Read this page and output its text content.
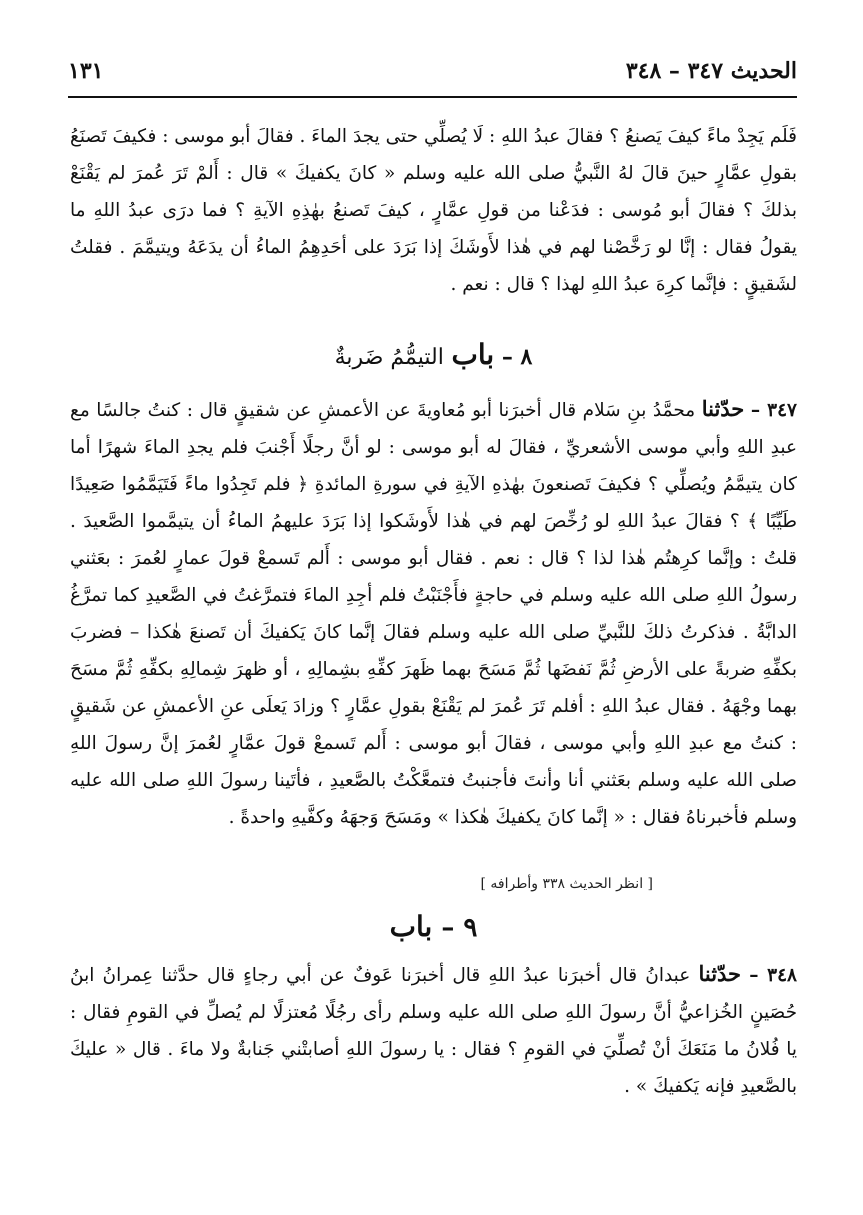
الحديث ٣٤٧ – ٣٤٨
١٣١
فَلَم يَجِدْ ماءً كيفَ يَصنعُ ؟ فقالَ عبدُ اللهِ : لَا يُصلِّي حتى يجدَ الماءَ . فقالَ أبو موسى : فكيفَ تَصنَعُ بقولِ عمَّارٍ حينَ قالَ لهُ النَّبيُّ صلى الله عليه وسلم « كانَ يكفيكَ » قال : أَلمْ تَرَ عُمرَ لم يَقْنَعْ بذلكَ ؟ فقالَ أبو مُوسى : فدَعْنا من قولِ عمَّارٍ ، كيفَ تَصنعُ بهٰذِهِ الآيةِ ؟ فما درَى عبدُ اللهِ ما يقولُ فقال : إنَّا لو رَخَّصْنا لهم في هٰذا لأَوشَكَ إذا بَرَدَ على أحَدِهِمُ الماءُ أن يدَعَهُ ويتيمَّمَ . فقلتُ لشَقيقٍ : فإنَّما كرِهَ عبدُ اللهِ لهذا ؟ قال : نعم .
٨ – باب التيمُّمُ ضَربةٌ
٣٤٧ – حدّثنا محمَّدُ بنِ سَلام قال أخبرَنا أبو مُعاويةَ عن الأعمشِ عن شقيقٍ قال : كنتُ جالسًا مع عبدِ اللهِ وأبي موسى الأشعريِّ ، فقالَ له أبو موسى : لو أنَّ رجلًا أَجْنبَ فلم يجدِ الماءَ شهرًا أما كان يتيمَّمُ ويُصلِّي ؟ فكيفَ تَصنعونَ بهٰذهِ الآيةِ في سورةِ المائدةِ ﴿ فلم تَجِدُوا ماءً فَتَيَمَّمُوا صَعِيدًا طَيِّبًا ﴾ ؟ فقالَ عبدُ اللهِ لو رُخِّصَ لهم في هٰذا لأَوشَكوا إذا بَرَدَ عليهمُ الماءُ أن يتيمَّموا الصَّعيدَ . قلتُ : وإنَّما كرِهتُم هٰذا لذا ؟ قال : نعم . فقال أبو موسى : أَلم تَسمعْ قولَ عمارٍ لعُمرَ : بعَثني رسولُ اللهِ صلى الله عليه وسلم في حاجةٍ فأَجْنَبْتُ فلم أجِدِ الماءَ فتمرَّغتُ في الصَّعيدِ كما تمرَّغُ الدابَّةُ . فذكرتُ ذلكَ للنَّبيِّ صلى الله عليه وسلم فقالَ إنَّما كانَ يَكفيكَ أن تَصنعَ هٰكذا – فضربَ بكفِّهِ ضربةً على الأرضِ ثُمَّ نَفضَها ثُمَّ مَسَحَ بهما ظَهرَ كفِّهِ بشِمالِهِ ، أو ظهرَ شِمالِهِ بكفِّهِ ثُمَّ مسَحَ بهما وجْهَهُ . فقال عبدُ اللهِ : أفلم تَرَ عُمرَ لم يَقْنَعْ بقولِ عمَّارٍ ؟ وزادَ يَعلَى عنِ الأعمشِ عن شَقيقٍ : كنتُ مع عبدِ اللهِ وأبي موسى ، فقالَ أبو موسى : أَلم تَسمعْ قولَ عمَّارٍ لعُمرَ إنَّ رسولَ اللهِ صلى الله عليه وسلم بعَثني أنا وأنتَ فأجنبتُ فتمعَّكْتُ بالصَّعيدِ ، فأتَينا رسولَ اللهِ صلى الله عليه وسلم فأخبرناهُ فقال : « إنَّما كانَ يكفيكَ هٰكذا » ومَسَحَ وَجهَهُ وكفَّيهِ واحدةً .
[ انظر الحديث ٣٣٨ وأطرافه ]
٩ – باب
٣٤٨ – حدّثنا عبدانُ قال أخبرَنا عبدُ اللهِ قال أخبرَنا عَوفٌ عن أبي رجاءٍ قال حدَّثنا عِمرانُ ابنُ حُصَينٍ الخُزاعيُّ أنَّ رسولَ اللهِ صلى الله عليه وسلم رأى رجُلًا مُعتزلًا لم يُصلِّ في القومِ فقال : يا فُلانُ ما مَنَعَكَ أنْ تُصلِّيَ في القومِ ؟ فقال : يا رسولَ اللهِ أصابتْني جَنابةٌ ولا ماءَ . قال « عليكَ بالصَّعيدِ فإنه يَكفيكَ » .
